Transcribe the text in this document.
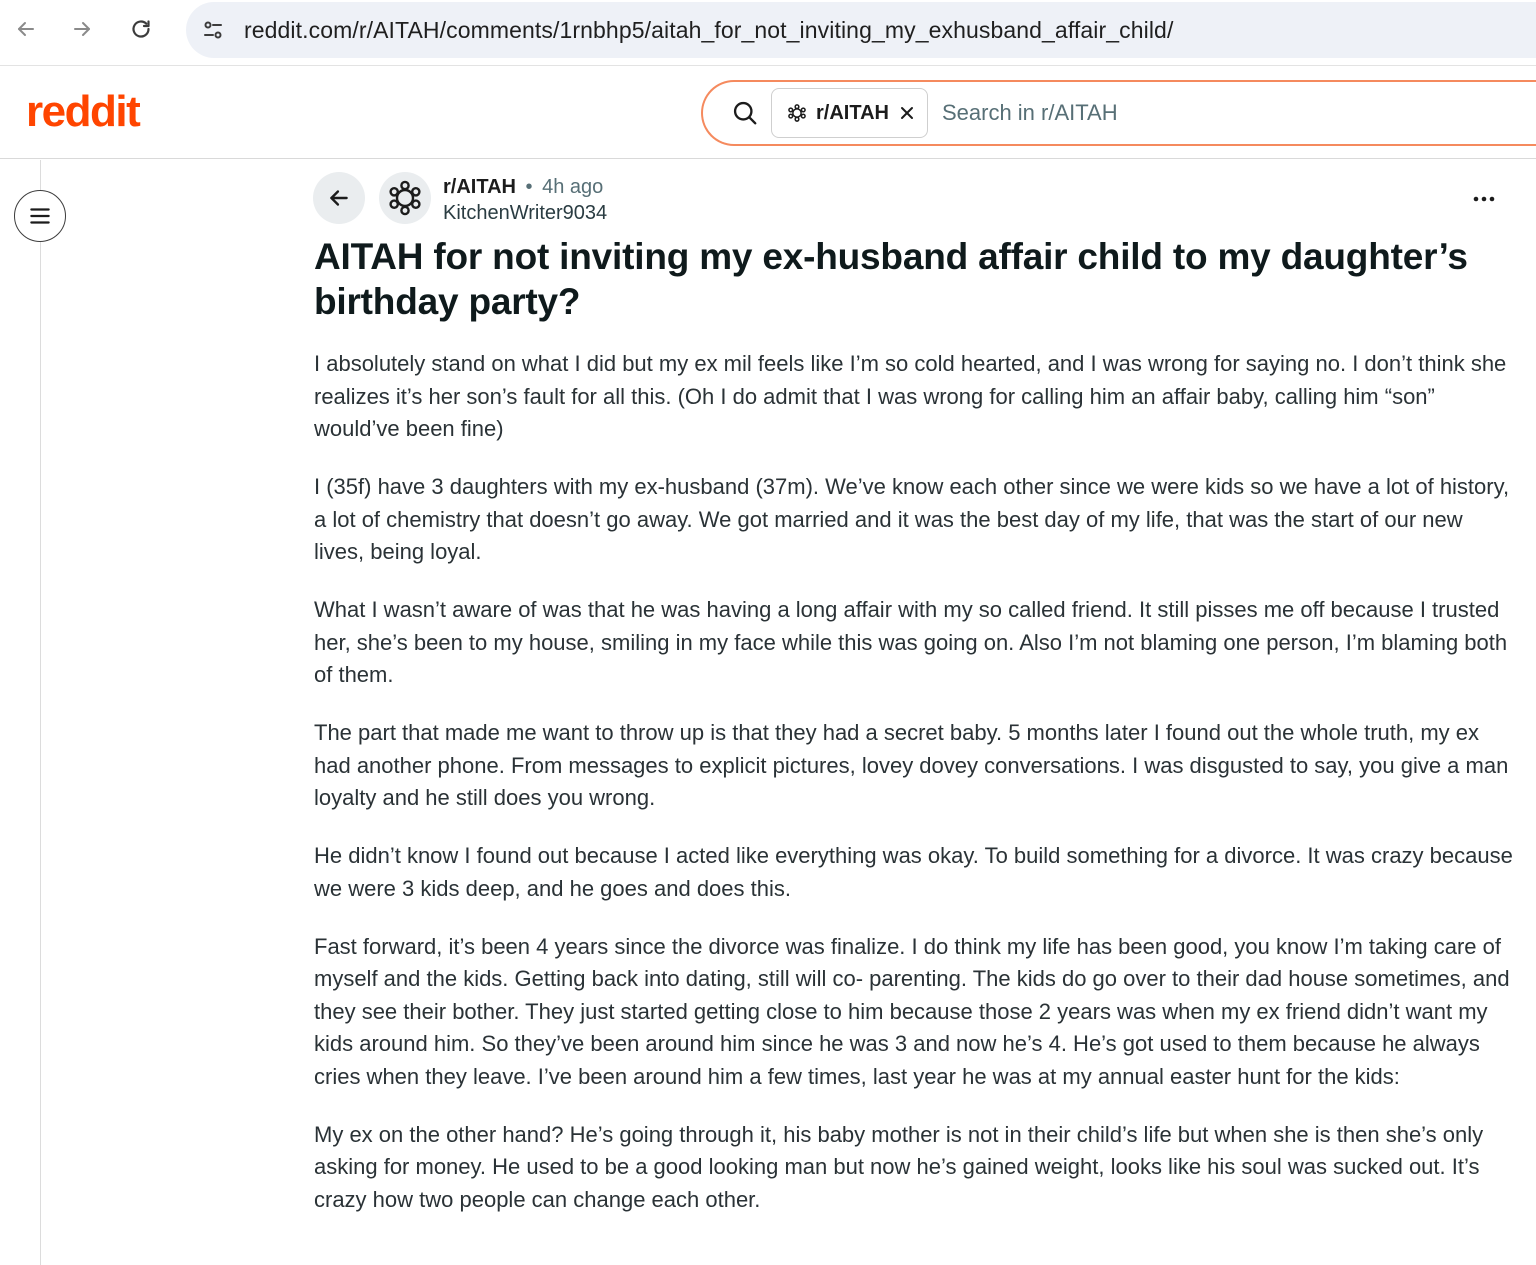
reddit.com/r/AITAH/comments/1rnbhp5/aitah_for_not_inviting_my_exhusband_affair_child/
reddit	r/AITAH
Search in r/AITAH
r/AITAH • 4h ago
KitchenWriter9034
AITAH for not inviting my ex-husband affair child to my daughter’s birthday party?

I absolutely stand on what I did but my ex mil feels like I’m so cold hearted, and I was wrong for saying no. I don’t think she realizes it’s her son’s fault for all this. (Oh I do admit that I was wrong for calling him an affair baby, calling him “son” would’ve been fine)

I (35f) have 3 daughters with my ex-husband (37m). We’ve know each other since we were kids so we have a lot of history, a lot of chemistry that doesn’t go away. We got married and it was the best day of my life, that was the start of our new lives, being loyal.

What I wasn’t aware of was that he was having a long affair with my so called friend. It still pisses me off because I trusted her, she’s been to my house, smiling in my face while this was going on. Also I’m not blaming one person, I’m blaming both of them.

The part that made me want to throw up is that they had a secret baby. 5 months later I found out the whole truth, my ex had another phone. From messages to explicit pictures, lovey dovey conversations. I was disgusted to say, you give a man loyalty and he still does you wrong.

He didn’t know I found out because I acted like everything was okay. To build something for a divorce. It was crazy because we were 3 kids deep, and he goes and does this.

Fast forward, it’s been 4 years since the divorce was finalize. I do think my life has been good, you know I’m taking care of myself and the kids. Getting back into dating, still will co- parenting. The kids do go over to their dad house sometimes, and they see their bother. They just started getting close to him because those 2 years was when my ex friend didn’t want my kids around him. So they’ve been around him since he was 3 and now he’s 4. He’s got used to them because he always cries when they leave. I’ve been around him a few times, last year he was at my annual easter hunt for the kids:

My ex on the other hand? He’s going through it, his baby mother is not in their child’s life but when she is then she’s only asking for money. He used to be a good looking man but now he’s gained weight, looks like his soul was sucked out. It’s crazy how two people can change each other.
